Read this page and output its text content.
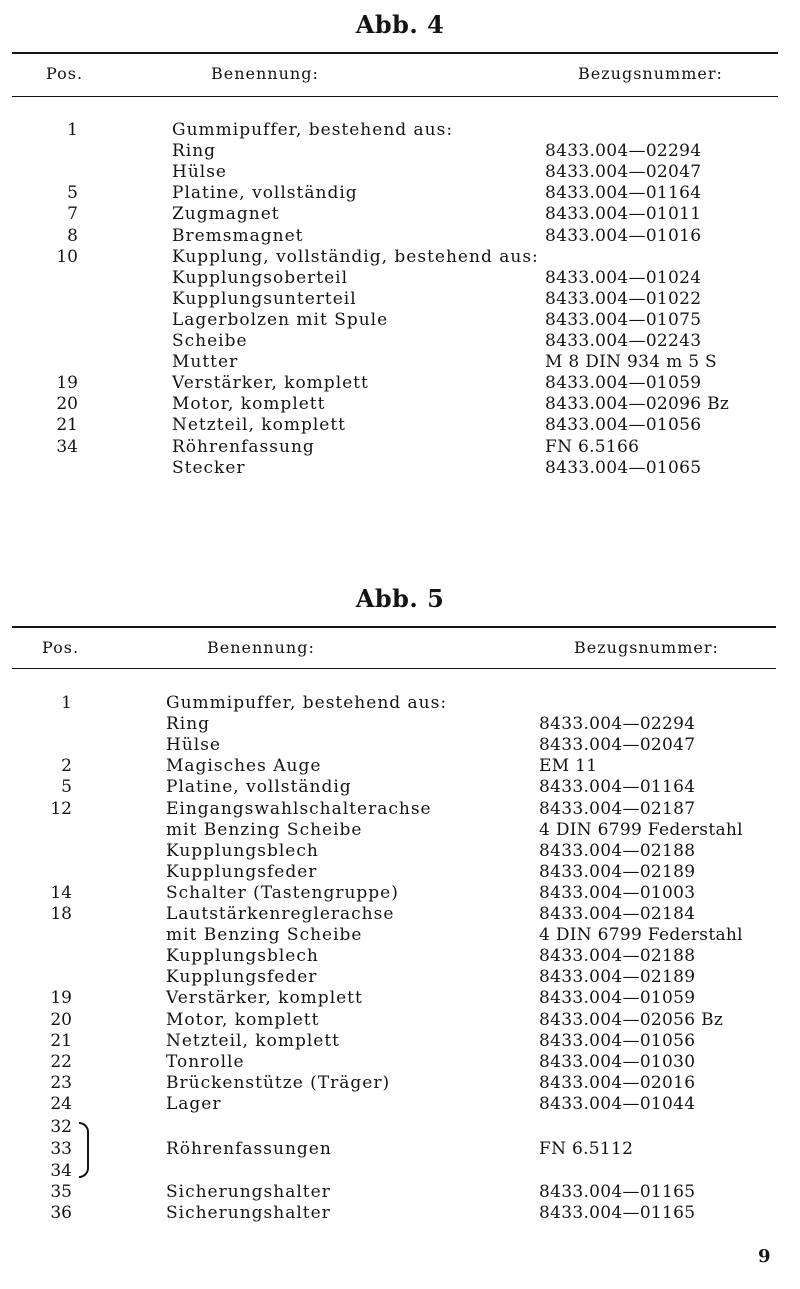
Abb. 4
Pos.	Benennung:	Bezugsnummer:
1	Gummipuffer, bestehend aus:
Ring	8433.004—02294
Hülse	8433.004—02047
5	Platine, vollständig	8433.004—01164
7	Zugmagnet	8433.004—01011
8	Bremsmagnet	8433.004—01016
10	Kupplung, vollständig, bestehend aus:
Kupplungsoberteil	8433.004—01024
Kupplungsunterteil	8433.004—01022
Lagerbolzen mit Spule	8433.004—01075
Scheibe	8433.004—02243
Mutter	M 8 DIN 934 m 5 S
19	Verstärker, komplett	8433.004—01059
20	Motor, komplett	8433.004—02096 Bz
21	Netzteil, komplett	8433.004—01056
34	Röhrenfassung	FN 6.5166
Stecker	8433.004—01065
Abb. 5
Pos.	Benennung:	Bezugsnummer:
1	Gummipuffer, bestehend aus:
Ring	8433.004—02294
Hülse	8433.004—02047
2	Magisches Auge	EM 11
5	Platine, vollständig	8433.004—01164
12	Eingangswahlschalterachse	8433.004—02187
mit Benzing Scheibe	4 DIN 6799 Federstahl
Kupplungsblech	8433.004—02188
Kupplungsfeder	8433.004—02189
14	Schalter (Tastengruppe)	8433.004—01003
18	Lautstärkenreglerachse	8433.004—02184
mit Benzing Scheibe	4 DIN 6799 Federstahl
Kupplungsblech	8433.004—02188
Kupplungsfeder	8433.004—02189
19	Verstärker, komplett	8433.004—01059
20	Motor, komplett	8433.004—02056 Bz
21	Netzteil, komplett	8433.004—01056
22	Tonrolle	8433.004—01030
23	Brückenstütze (Träger)	8433.004—02016
24	Lager	8433.004—01044
32
33	Röhrenfassungen	FN 6.5112
34
35	Sicherungshalter	8433.004—01165
36	Sicherungshalter	8433.004—01165
9
